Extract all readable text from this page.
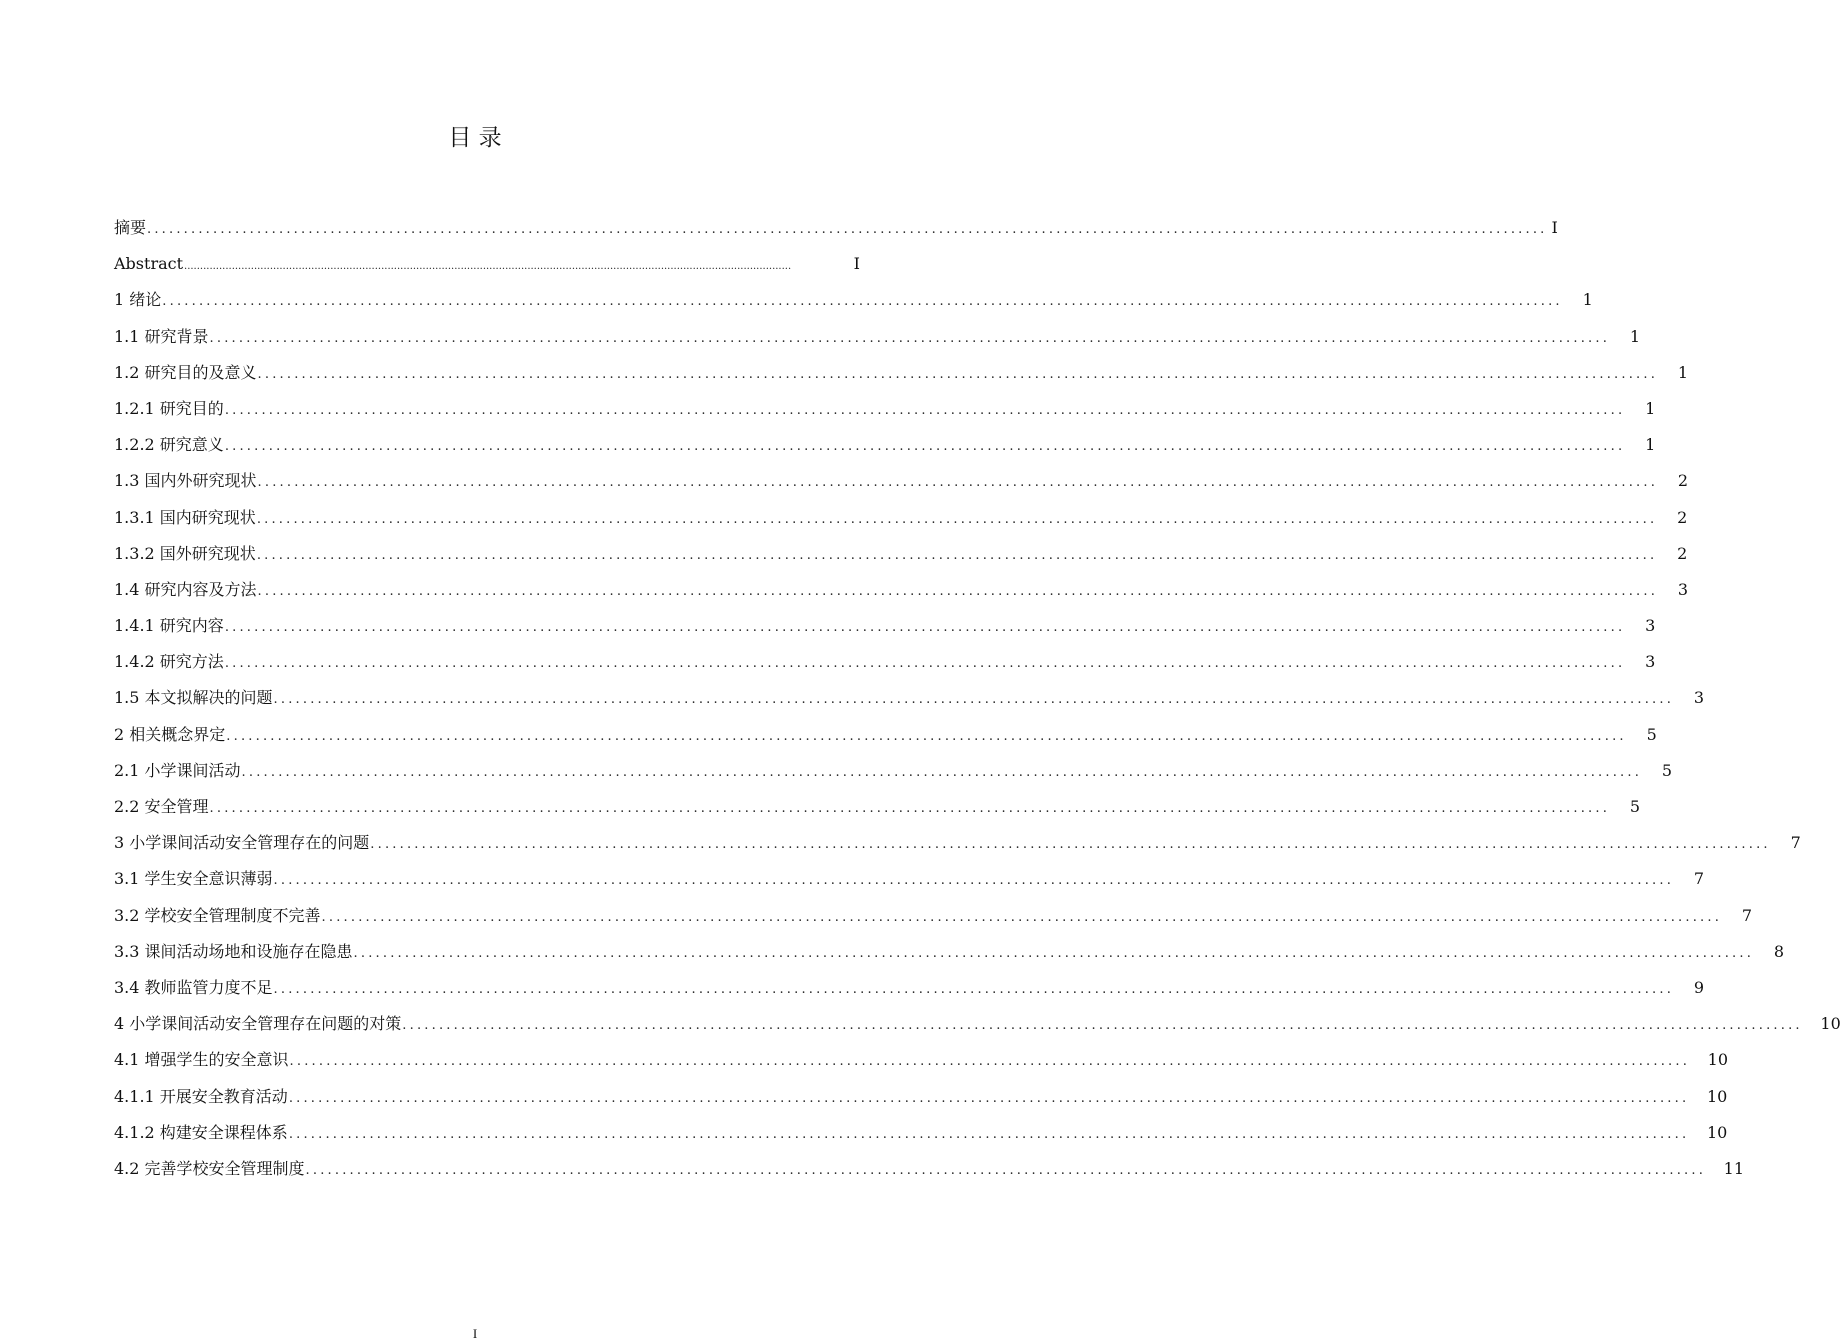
目 录
摘要 ............................................................................................................................................................................................... I
Abstract ...............................................................................................................................................................................................	I
1 绪论 ...............................................................................................................................................................................................	1
1.1 研究背景 ...............................................................................................................................................................................................	1
1.2 研究目的及意义 ...............................................................................................................................................................................................	1
1.2.1 研究目的 ...............................................................................................................................................................................................	1
1.2.2 研究意义 ...............................................................................................................................................................................................	1
1.3 国内外研究现状 ...............................................................................................................................................................................................	2
1.3.1 国内研究现状 ...............................................................................................................................................................................................	2
1.3.2 国外研究现状 ...............................................................................................................................................................................................	2
1.4 研究内容及方法 ...............................................................................................................................................................................................	3
1.4.1 研究内容 ...............................................................................................................................................................................................	3
1.4.2 研究方法 ...............................................................................................................................................................................................	3
1.5 本文拟解决的问题 ...............................................................................................................................................................................................	3
2 相关概念界定 ...............................................................................................................................................................................................	5
2.1 小学课间活动 ...............................................................................................................................................................................................	5
2.2 安全管理 ...............................................................................................................................................................................................	5
3 小学课间活动安全管理存在的问题 ...............................................................................................................................................................................................	7
3.1 学生安全意识薄弱 ...............................................................................................................................................................................................	7
3.2 学校安全管理制度不完善 ...............................................................................................................................................................................................	7
3.3 课间活动场地和设施存在隐患 ...............................................................................................................................................................................................	8
3.4 教师监管力度不足 ...............................................................................................................................................................................................	9
4 小学课间活动安全管理存在问题的对策 ...............................................................................................................................................................................................	10
4.1 增强学生的安全意识 ...............................................................................................................................................................................................	10
4.1.1 开展安全教育活动 ...............................................................................................................................................................................................	10
4.1.2 构建安全课程体系 ...............................................................................................................................................................................................	10
4.2 完善学校安全管理制度 ...............................................................................................................................................................................................	11
I
